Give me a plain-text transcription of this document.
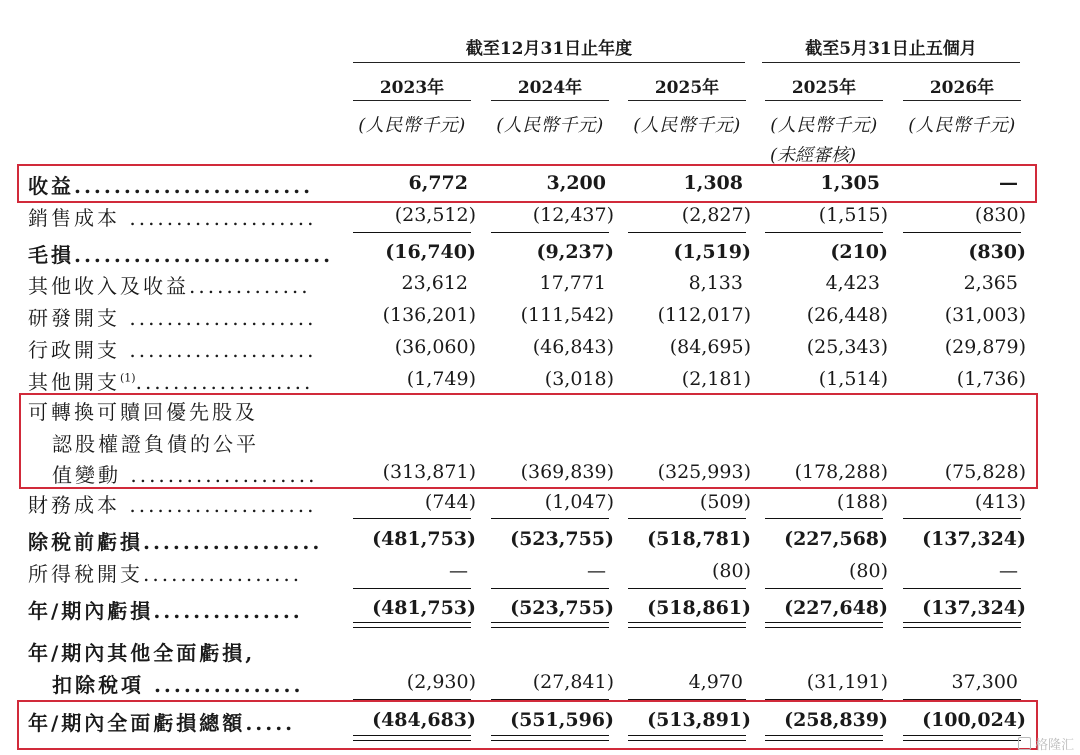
截至12月31日止年度	截至5月31日止五個月
2023年	2024年	2025年	2025年	2026年
(人民幣千元)	(人民幣千元)	(人民幣千元)	(人民幣千元)	(人民幣千元)
(未經審核)
收益........................	6,772	3,200	1,308	1,305	—
銷售成本 ....................	(23,512)	(12,437)	(2,827)	(1,515)	(830)
毛損..........................	(16,740)	(9,237)	(1,519)	(210)	(830)
其他收入及收益.............	23,612	17,771	8,133	4,423	2,365
研發開支 ....................	(136,201)	(111,542)	(112,017)	(26,448)	(31,003)
行政開支 ....................	(36,060)	(46,843)	(84,695)	(25,343)	(29,879)
其他開支$^{(1)}$...................	(1,749)	(3,018)	(2,181)	(1,514)	(1,736)
可轉換可贖回優先股及
認股權證負債的公平
值變動 ....................	(313,871)	(369,839)	(325,993)	(178,288)	(75,828)
財務成本 ....................	(744)	(1,047)	(509)	(188)	(413)
除稅前虧損..................	(481,753)	(523,755)	(518,781)	(227,568)	(137,324)
所得稅開支.................	—	—	(80)	(80)	—
年/期內虧損...............	(481,753)	(523,755)	(518,861)	(227,648)	(137,324)
年/期內其他全面虧損,
扣除稅項 ...............	(2,930)	(27,841)	4,970	(31,191)	37,300
年/期內全面虧損總額.....	(484,683)	(551,596)	(513,891)	(258,839)	(100,024)
格隆汇
